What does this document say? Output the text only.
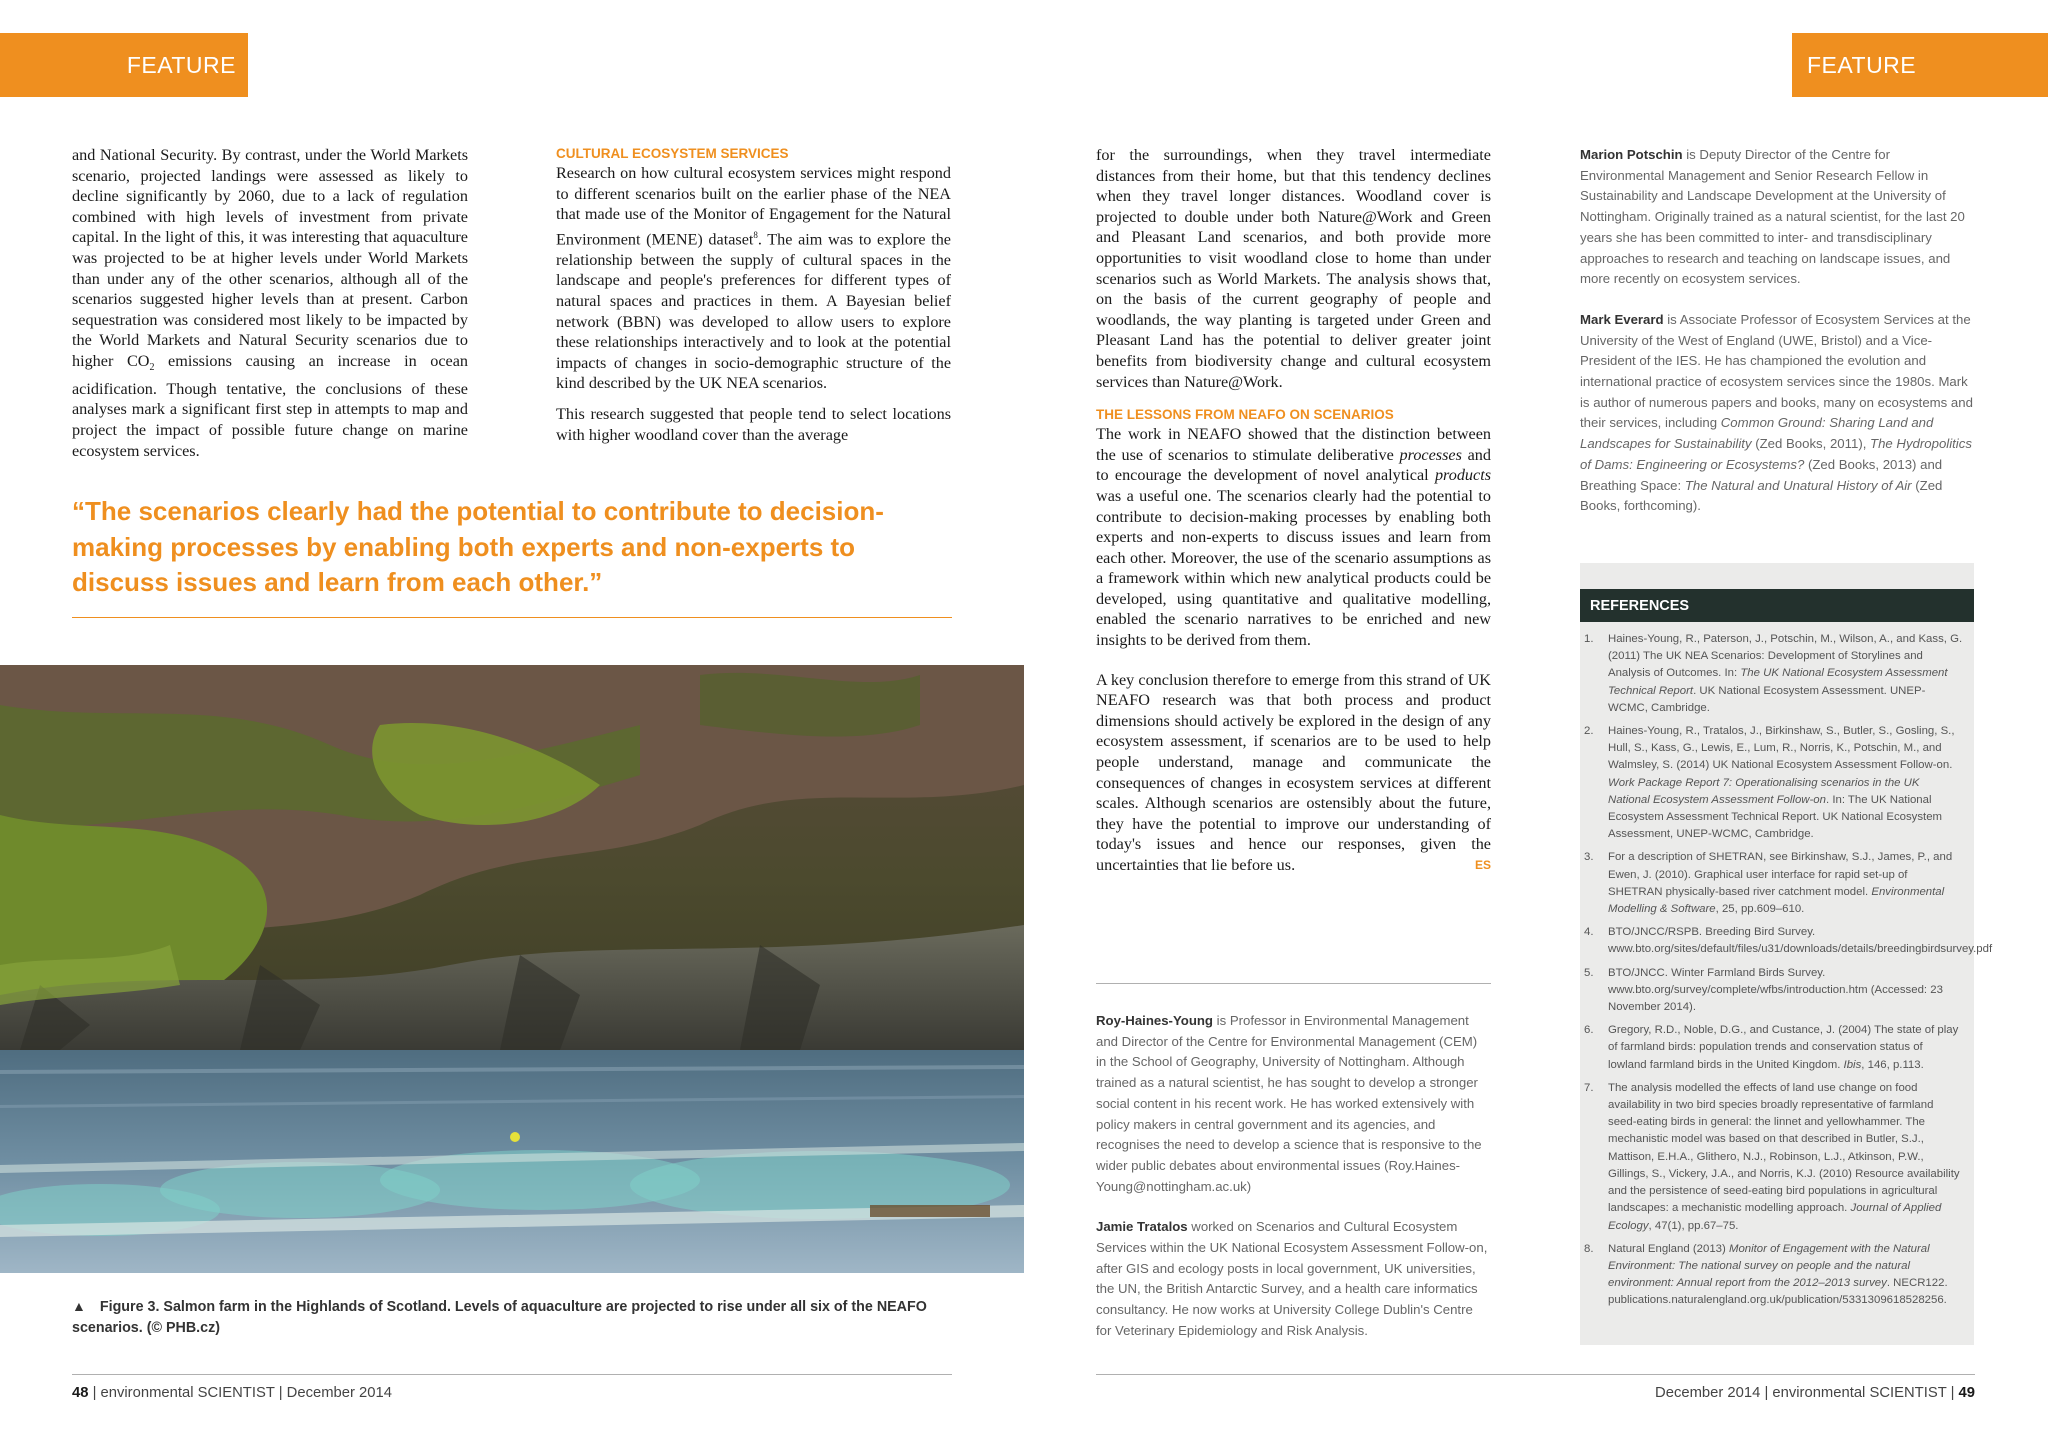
FEATURE	FEATURE

and National Security. By contrast, under the World Markets scenario, projected landings were assessed as likely to decline significantly by 2060, due to a lack of regulation combined with high levels of investment from private capital. In the light of this, it was interesting that aquaculture was projected to be at higher levels under World Markets than under any of the other scenarios, although all of the scenarios suggested higher levels than at present. Carbon sequestration was considered most likely to be impacted by the World Markets and Natural Security scenarios due to higher $CO_2$ emissions causing an increase in ocean acidification. Though tentative, the conclusions of these analyses mark a significant first step in attempts to map and project the impact of possible future change on marine ecosystem services.

CULTURAL ECOSYSTEM SERVICES

Research on how cultural ecosystem services might respond to different scenarios built on the earlier phase of the NEA that made use of the Monitor of Engagement for the Natural Environment (MENE) dataset$^8$. The aim was to explore the relationship between the supply of cultural spaces in the landscape and people's preferences for different types of natural spaces and practices in them. A Bayesian belief network (BBN) was developed to allow users to explore these relationships interactively and to look at the potential impacts of changes in socio-demographic structure of the kind described by the UK NEA scenarios.

This research suggested that people tend to select locations with higher woodland cover than the average

“The scenarios clearly had the potential to contribute to decision-making processes by enabling both experts and non-experts to discuss issues and learn from each other.”

▲ Figure 3. Salmon farm in the Highlands of Scotland. Levels of aquaculture are projected to rise under all six of the NEAFO scenarios. (© PHB.cz)

48 | environmental SCIENTIST | December 2014

for the surroundings, when they travel intermediate distances from their home, but that this tendency declines when they travel longer distances. Woodland cover is projected to double under both Nature@Work and Green and Pleasant Land scenarios, and both provide more opportunities to visit woodland close to home than under scenarios such as World Markets. The analysis shows that, on the basis of the current geography of people and woodlands, the way planting is targeted under Green and Pleasant Land has the potential to deliver greater joint benefits from biodiversity change and cultural ecosystem services than Nature@Work.

THE LESSONS FROM NEAFO ON SCENARIOS

The work in NEAFO showed that the distinction between the use of scenarios to stimulate deliberative processes and to encourage the development of novel analytical products was a useful one. The scenarios clearly had the potential to contribute to decision-making processes by enabling both experts and non-experts to discuss issues and learn from each other. Moreover, the use of the scenario assumptions as a framework within which new analytical products could be developed, using quantitative and qualitative modelling, enabled the scenario narratives to be enriched and new insights to be derived from them.

A key conclusion therefore to emerge from this strand of UK NEAFO research was that both process and product dimensions should actively be explored in the design of any ecosystem assessment, if scenarios are to be used to help people understand, manage and communicate the consequences of changes in ecosystem services at different scales. Although scenarios are ostensibly about the future, they have the potential to improve our understanding of today's issues and hence our responses, given the uncertainties that lie before us.	ES

Roy-Haines-Young is Professor in Environmental Management and Director of the Centre for Environmental Management (CEM) in the School of Geography, University of Nottingham. Although trained as a natural scientist, he has sought to develop a stronger social content in his recent work. He has worked extensively with policy makers in central government and its agencies, and recognises the need to develop a science that is responsive to the wider public debates about environmental issues (Roy.Haines-Young@nottingham.ac.uk)

Jamie Tratalos worked on Scenarios and Cultural Ecosystem Services within the UK National Ecosystem Assessment Follow-on, after GIS and ecology posts in local government, UK universities, the UN, the British Antarctic Survey, and a health care informatics consultancy. He now works at University College Dublin's Centre for Veterinary Epidemiology and Risk Analysis.

Marion Potschin is Deputy Director of the Centre for Environmental Management and Senior Research Fellow in Sustainability and Landscape Development at the University of Nottingham. Originally trained as a natural scientist, for the last 20 years she has been committed to inter- and transdisciplinary approaches to research and teaching on landscape issues, and more recently on ecosystem services.

Mark Everard is Associate Professor of Ecosystem Services at the University of the West of England (UWE, Bristol) and a Vice-President of the IES. He has championed the evolution and international practice of ecosystem services since the 1980s. Mark is author of numerous papers and books, many on ecosystems and their services, including Common Ground: Sharing Land and Landscapes for Sustainability (Zed Books, 2011), The Hydropolitics of Dams: Engineering or Ecosystems? (Zed Books, 2013) and Breathing Space: The Natural and Unatural History of Air (Zed Books, forthcoming).

REFERENCES
1. Haines-Young, R., Paterson, J., Potschin, M., Wilson, A., and Kass, G. (2011) The UK NEA Scenarios: Development of Storylines and Analysis of Outcomes. In: The UK National Ecosystem Assessment Technical Report. UK National Ecosystem Assessment. UNEP-WCMC, Cambridge.
2. Haines-Young, R., Tratalos, J., Birkinshaw, S., Butler, S., Gosling, S., Hull, S., Kass, G., Lewis, E., Lum, R., Norris, K., Potschin, M., and Walmsley, S. (2014) UK National Ecosystem Assessment Follow-on. Work Package Report 7: Operationalising scenarios in the UK National Ecosystem Assessment Follow-on. In: The UK National Ecosystem Assessment Technical Report. UK National Ecosystem Assessment, UNEP-WCMC, Cambridge.
3. For a description of SHETRAN, see Birkinshaw, S.J., James, P., and Ewen, J. (2010). Graphical user interface for rapid set-up of SHETRAN physically-based river catchment model. Environmental Modelling & Software, 25, pp.609–610.
4. BTO/JNCC/RSPB. Breeding Bird Survey. www.bto.org/sites/default/files/u31/downloads/details/breedingbirdsurvey.pdf
5. BTO/JNCC. Winter Farmland Birds Survey. www.bto.org/survey/complete/wfbs/introduction.htm (Accessed: 23 November 2014).
6. Gregory, R.D., Noble, D.G., and Custance, J. (2004) The state of play of farmland birds: population trends and conservation status of lowland farmland birds in the United Kingdom. Ibis, 146, p.113.
7. The analysis modelled the effects of land use change on food availability in two bird species broadly representative of farmland seed-eating birds in general: the linnet and yellowhammer. The mechanistic model was based on that described in Butler, S.J., Mattison, E.H.A., Glithero, N.J., Robinson, L.J., Atkinson, P.W., Gillings, S., Vickery, J.A., and Norris, K.J. (2010) Resource availability and the persistence of seed-eating bird populations in agricultural landscapes: a mechanistic modelling approach. Journal of Applied Ecology, 47(1), pp.67–75.
8. Natural England (2013) Monitor of Engagement with the Natural Environment: The national survey on people and the natural environment: Annual report from the 2012–2013 survey. NECR122. publications.naturalengland.org.uk/publication/5331309618528256.
December 2014 | environmental SCIENTIST | 49
